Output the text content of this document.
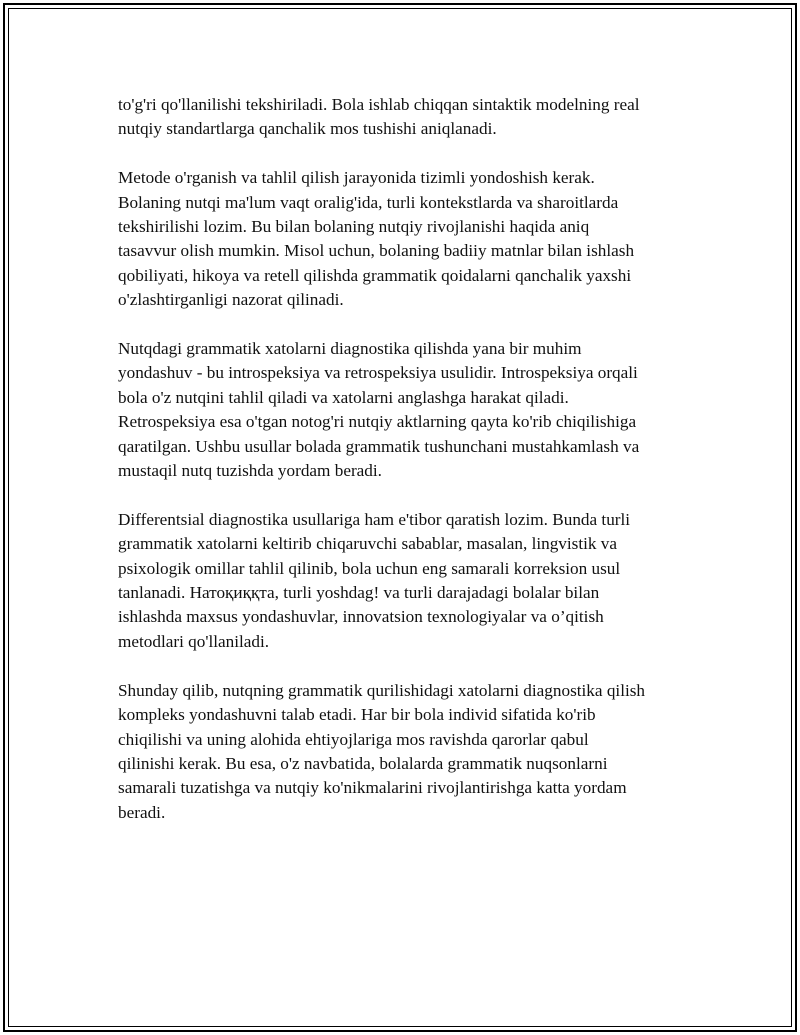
to'g'ri qo'llanilishi tekshiriladi. Bola ishlab chiqqan sintaktik modelning real
nutqiy standartlarga qanchalik mos tushishi aniqlanadi.

Metode o'rganish va tahlil qilish jarayonida tizimli yondoshish kerak.
Bolaning nutqi ma'lum vaqt oralig'ida, turli kontekstlarda va sharoitlarda
tekshirilishi lozim. Bu bilan bolaning nutqiy rivojlanishi haqida aniq
tasavvur olish mumkin. Misol uchun, bolaning badiiy matnlar bilan ishlash
qobiliyati, hikoya va retell qilishda grammatik qoidalarni qanchalik yaxshi
o'zlashtirganligi nazorat qilinadi.

Nutqdagi grammatik xatolarni diagnostika qilishda yana bir muhim
yondashuv - bu introspeksiya va retrospeksiya usulidir. Introspeksiya orqali
bola o'z nutqini tahlil qiladi va xatolarni anglashga harakat qiladi.
Retrospeksiya esa o'tgan notog'ri nutqiy aktlarning qayta ko'rib chiqilishiga
qaratilgan. Ushbu usullar bolada grammatik tushunchani mustahkamlash va
mustaqil nutq tuzishda yordam beradi.

Differentsial diagnostika usullariga ham e'tibor qaratish lozim. Bunda turli
grammatik xatolarni keltirib chiqaruvchi sabablar, masalan, lingvistik va
psixologik omillar tahlil qilinib, bola uchun eng samarali korreksion usul
tanlanadi. Натоқиққта, turli yoshdag! va turli darajadagi bolalar bilan
ishlashda maxsus yondashuvlar, innovatsion texnologiyalar va o’qitish
metodlari qo'llaniladi.

Shunday qilib, nutqning grammatik qurilishidagi xatolarni diagnostika qilish
kompleks yondashuvni talab etadi. Har bir bola individ sifatida ko'rib
chiqilishi va uning alohida ehtiyojlariga mos ravishda qarorlar qabul
qilinishi kerak. Bu esa, o'z navbatida, bolalarda grammatik nuqsonlarni
samarali tuzatishga va nutqiy ko'nikmalarini rivojlantirishga katta yordam
beradi.
